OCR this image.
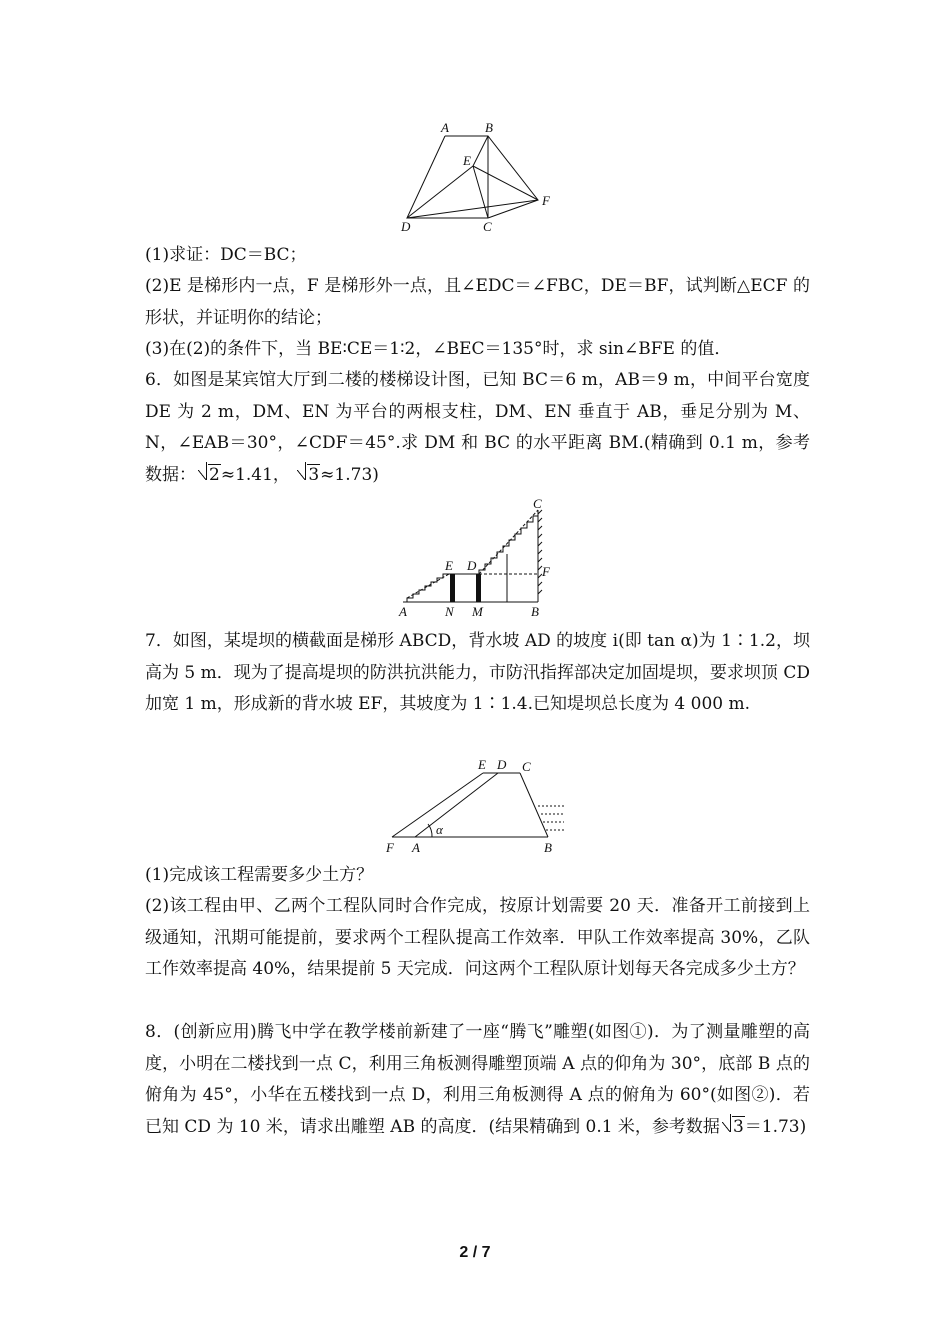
A	B
E
F
D	C

(1)求证：DC＝BC；

(2)E 是梯形内一点，F 是梯形外一点，且∠EDC＝∠FBC，DE＝BF，试判断△ECF 的形状，并证明你的结论；

(3)在(2)的条件下，当 BE∶CE＝1∶2，∠BEC＝135°时，求 sin∠BFE 的值．

6．如图是某宾馆大厅到二楼的楼梯设计图，已知 BC＝6 m，AB＝9 m，中间平台宽度 DE 为 2 m，DM、EN 为平台的两根支柱，DM、EN 垂直于 AB，垂足分别为 M、N，∠EAB＝30°，∠CDF＝45°.求 DM 和 BC 的水平距离 BM.(精确到 0.1 m，参考数据： 2≈1.41， 3≈1.73)

C
E D	F
A	N M	B

7．如图，某堤坝的横截面是梯形 ABCD，背水坡 AD 的坡度 i(即 tan α)为 1∶1.2，坝高为 5 m．现为了提高堤坝的防洪抗洪能力，市防汛指挥部决定加固堤坝，要求坝顶 CD 加宽 1 m，形成新的背水坡 EF，其坡度为 1∶1.4.已知堤坝总长度为 4 000 m.

E D C
α
F A	B

(1)完成该工程需要多少土方？

(2)该工程由甲、乙两个工程队同时合作完成，按原计划需要 20 天．准备开工前接到上级通知，汛期可能提前，要求两个工程队提高工作效率．甲队工作效率提高 30%，乙队工作效率提高 40%，结果提前 5 天完成．问这两个工程队原计划每天各完成多少土方？

8．(创新应用)腾飞中学在教学楼前新建了一座“腾飞”雕塑(如图①)．为了测量雕塑的高度，小明在二楼找到一点 C，利用三角板测得雕塑顶端 A 点的仰角为 30°，底部 B 点的俯角为 45°，小华在五楼找到一点 D，利用三角板测得 A 点的俯角为 60°(如图②)．若已知 CD 为 10 米，请求出雕塑 AB 的高度．(结果精确到 0.1 米，参考数据 3＝1.73)

2 / 7
